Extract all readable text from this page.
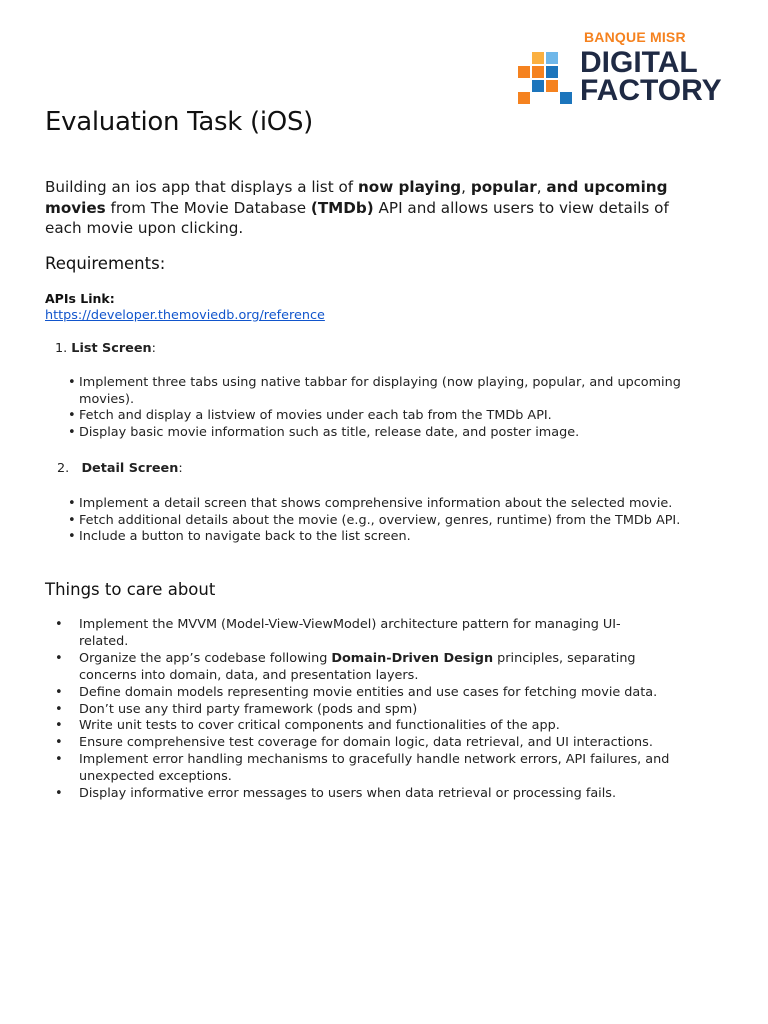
BANQUE MISR
DIGITAL
FACTORY
Evaluation Task (iOS)

Building an ios app that displays a list of now playing, popular, and upcoming movies from The Movie Database (TMDb) API and allows users to view details of each movie upon clicking.

Requirements:
APIs Link:
https://developer.themoviedb.org/reference
1. List Screen:
• Implement three tabs using native tabbar for displaying (now playing, popular, and upcoming movies).
• Fetch and display a listview of movies under each tab from the TMDb API.
• Display basic movie information such as title, release date, and poster image.
2. Detail Screen:
• Implement a detail screen that shows comprehensive information about the selected movie.
• Fetch additional details about the movie (e.g., overview, genres, runtime) from the TMDb API.
• Include a button to navigate back to the list screen.
Things to care about
• Implement the MVVM (Model-View-ViewModel) architecture pattern for managing UI-related.
• Organize the app’s codebase following Domain-Driven Design principles, separating concerns into domain, data, and presentation layers.
• Define domain models representing movie entities and use cases for fetching movie data.
• Don’t use any third party framework (pods and spm)
• Write unit tests to cover critical components and functionalities of the app.
• Ensure comprehensive test coverage for domain logic, data retrieval, and UI interactions.
• Implement error handling mechanisms to gracefully handle network errors, API failures, and unexpected exceptions.
• Display informative error messages to users when data retrieval or processing fails.
